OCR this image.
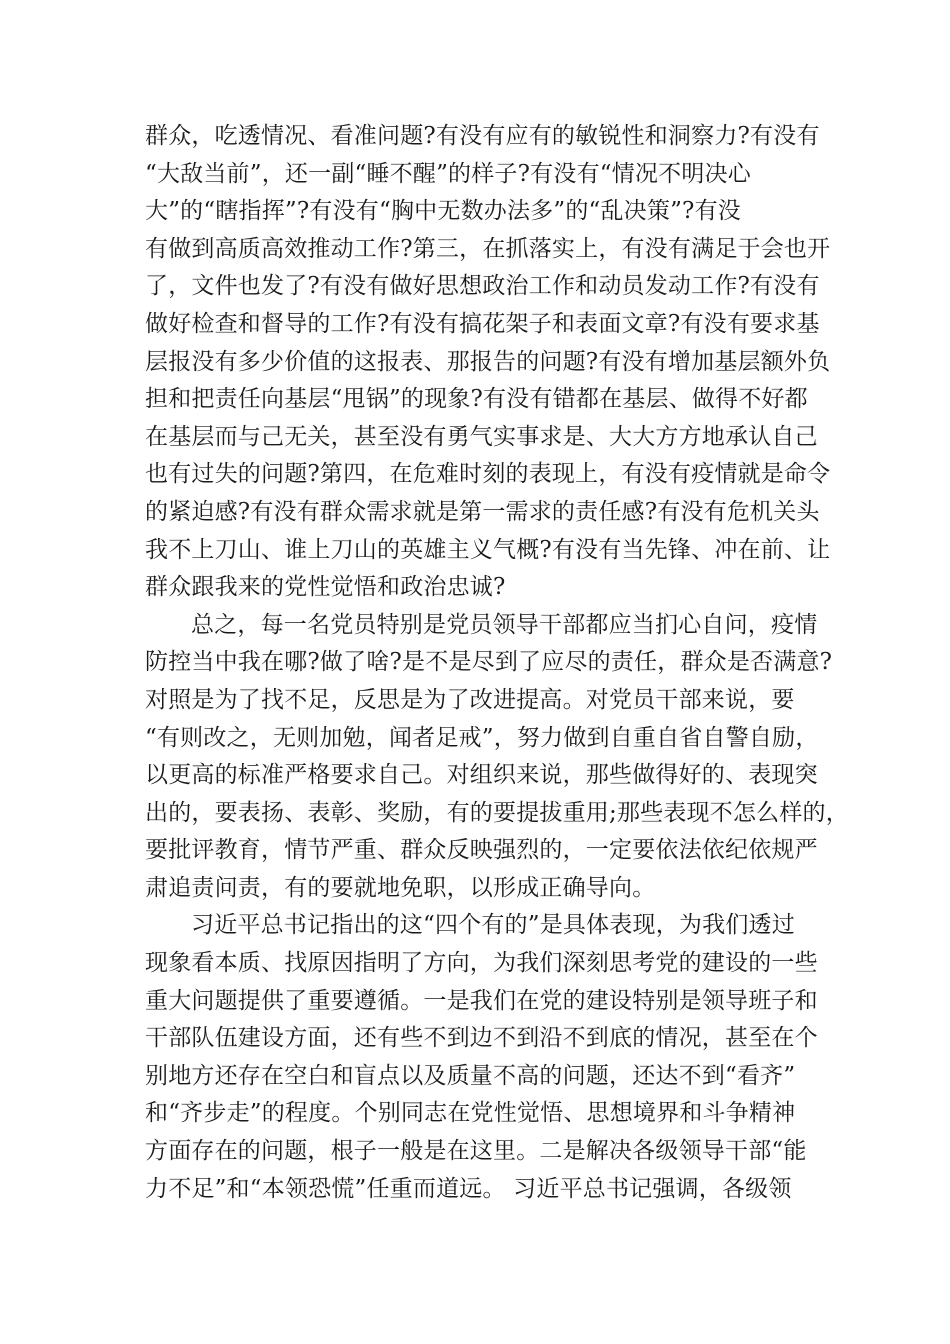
群众，吃透情况、看准问题?有没有应有的敏锐性和洞察力?有没有
“大敌当前”，还一副“睡不醒”的样子?有没有“情况不明决心
大”的“瞎指挥”?有没有“胸中无数办法多”的“乱决策”?有没
有做到高质高效推动工作?第三，在抓落实上，有没有满足于会也开
了，文件也发了?有没有做好思想政治工作和动员发动工作?有没有
做好检查和督导的工作?有没有搞花架子和表面文章?有没有要求基
层报没有多少价值的这报表、那报告的问题?有没有增加基层额外负
担和把责任向基层“甩锅”的现象?有没有错都在基层、做得不好都
在基层而与己无关，甚至没有勇气实事求是、大大方方地承认自己
也有过失的问题?第四，在危难时刻的表现上，有没有疫情就是命令
的紧迫感?有没有群众需求就是第一需求的责任感?有没有危机关头
我不上刀山、谁上刀山的英雄主义气概?有没有当先锋、冲在前、让
群众跟我来的党性觉悟和政治忠诚?
总之，每一名党员特别是党员领导干部都应当扪心自问，疫情
防控当中我在哪?做了啥?是不是尽到了应尽的责任，群众是否满意?
对照是为了找不足，反思是为了改进提高。对党员干部来说，要
“有则改之，无则加勉，闻者足戒”，努力做到自重自省自警自励，
以更高的标准严格要求自己。对组织来说，那些做得好的、表现突
出的，要表扬、表彰、奖励，有的要提拔重用;那些表现不怎么样的，
要批评教育，情节严重、群众反映强烈的，一定要依法依纪依规严
肃追责问责，有的要就地免职，以形成正确导向。
习近平总书记指出的这“四个有的”是具体表现，为我们透过
现象看本质、找原因指明了方向，为我们深刻思考党的建设的一些
重大问题提供了重要遵循。一是我们在党的建设特别是领导班子和
干部队伍建设方面，还有些不到边不到沿不到底的情况，甚至在个
别地方还存在空白和盲点以及质量不高的问题，还达不到“看齐”
和“齐步走”的程度。个别同志在党性觉悟、思想境界和斗争精神
方面存在的问题，根子一般是在这里。二是解决各级领导干部“能
力不足”和“本领恐慌”任重而道远。 习近平总书记强调，各级领
